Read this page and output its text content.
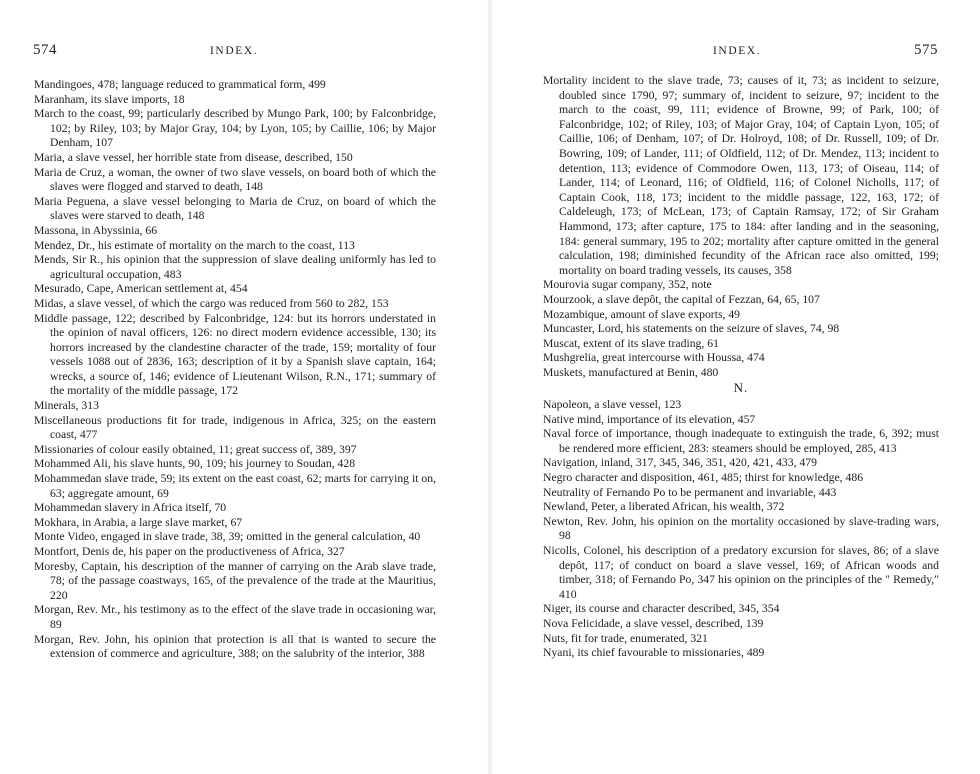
574	INDEX.

Mandingoes, 478; language reduced to grammatical form, 499

Maranham, its slave imports, 18

March to the coast, 99; particularly described by Mungo Park, 100; by Falconbridge, 102; by Riley, 103; by Major Gray, 104; by Lyon, 105; by Caillie, 106; by Major Denham, 107

Maria, a slave vessel, her horrible state from disease, described, 150

Maria de Cruz, a woman, the owner of two slave vessels, on board both of which the slaves were flogged and starved to death, 148

Maria Peguena, a slave vessel belonging to Maria de Cruz, on board of which the slaves were starved to death, 148

Massona, in Abyssinia, 66

Mendez, Dr., his estimate of mortality on the march to the coast, 113

Mends, Sir R., his opinion that the suppression of slave dealing uniformly has led to agricultural occupation, 483

Mesurado, Cape, American settlement at, 454

Midas, a slave vessel, of which the cargo was reduced from 560 to 282, 153

Middle passage, 122; described by Falconbridge, 124: but its horrors understated in the opinion of naval officers, 126: no direct modern evidence accessible, 130; its horrors increased by the clandestine character of the trade, 159; mortality of four vessels 1088 out of 2836, 163; description of it by a Spanish slave captain, 164; wrecks, a source of, 146; evidence of Lieutenant Wilson, R.N., 171; summary of the mortality of the middle passage, 172

Minerals, 313

Miscellaneous productions fit for trade, indigenous in Africa, 325; on the eastern coast, 477

Missionaries of colour easily obtained, 11; great success of, 389, 397

Mohammed Ali, his slave hunts, 90, 109; his journey to Soudan, 428

Mohammedan slave trade, 59; its extent on the east coast, 62; marts for carrying it on, 63; aggregate amount, 69

Mohammedan slavery in Africa itself, 70

Mokhara, in Arabia, a large slave market, 67

Monte Video, engaged in slave trade, 38, 39; omitted in the general calculation, 40

Montfort, Denis de, his paper on the productiveness of Africa, 327

Moresby, Captain, his description of the manner of carrying on the Arab slave trade, 78; of the passage coastways, 165, of the prevalence of the trade at the Mauritius, 220

Morgan, Rev. Mr., his testimony as to the effect of the slave trade in occasioning war, 89

Morgan, Rev. John, his opinion that protection is all that is wanted to secure the extension of commerce and agriculture, 388; on the salubrity of the interior, 388

INDEX.	575

Mortality incident to the slave trade, 73; causes of it, 73; as incident to seizure, doubled since 1790, 97; summary of, incident to seizure, 97; incident to the march to the coast, 99, 111; evidence of Browne, 99; of Park, 100; of Falconbridge, 102; of Riley, 103; of Major Gray, 104; of Captain Lyon, 105; of Caillie, 106; of Denham, 107; of Dr. Holroyd, 108; of Dr. Russell, 109; of Dr. Bowring, 109; of Lander, 111; of Oldfield, 112; of Dr. Mendez, 113; incident to detention, 113; evidence of Commodore Owen, 113, 173; of Oiseau, 114; of Lander, 114; of Leonard, 116; of Oldfield, 116; of Colonel Nicholls, 117; of Captain Cook, 118, 173; incident to the middle passage, 122, 163, 172; of Caldeleugh, 173; of McLean, 173; of Captain Ramsay, 172; of Sir Graham Hammond, 173; after capture, 175 to 184: after landing and in the seasoning, 184: general summary, 195 to 202; mortality after capture omitted in the general calculation, 198; diminished fecundity of the African race also omitted, 199; mortality on board trading vessels, its causes, 358

Mourovia sugar company, 352, note

Mourzook, a slave depôt, the capital of Fezzan, 64, 65, 107

Mozambique, amount of slave exports, 49

Muncaster, Lord, his statements on the seizure of slaves, 74, 98

Muscat, extent of its slave trading, 61

Mushgrelia, great intercourse with Houssa, 474

Muskets, manufactured at Benin, 480

N.

Napoleon, a slave vessel, 123

Native mind, importance of its elevation, 457

Naval force of importance, though inadequate to extinguish the trade, 6, 392; must be rendered more efficient, 283: steamers should be employed, 285, 413

Navigation, inland, 317, 345, 346, 351, 420, 421, 433, 479

Negro character and disposition, 461, 485; thirst for knowledge, 486

Neutrality of Fernando Po to be permanent and invariable, 443

Newland, Peter, a liberated African, his wealth, 372

Newton, Rev. John, his opinion on the mortality occasioned by slave-trading wars, 98

Nicolls, Colonel, his description of a predatory excursion for slaves, 86; of a slave depôt, 117; of conduct on board a slave vessel, 169; of African woods and timber, 318; of Fernando Po, 347 his opinion on the principles of the " Remedy," 410

Niger, its course and character described, 345, 354

Nova Felicidade, a slave vessel, described, 139

Nuts, fit for trade, enumerated, 321

Nyani, its chief favourable to missionaries, 489
